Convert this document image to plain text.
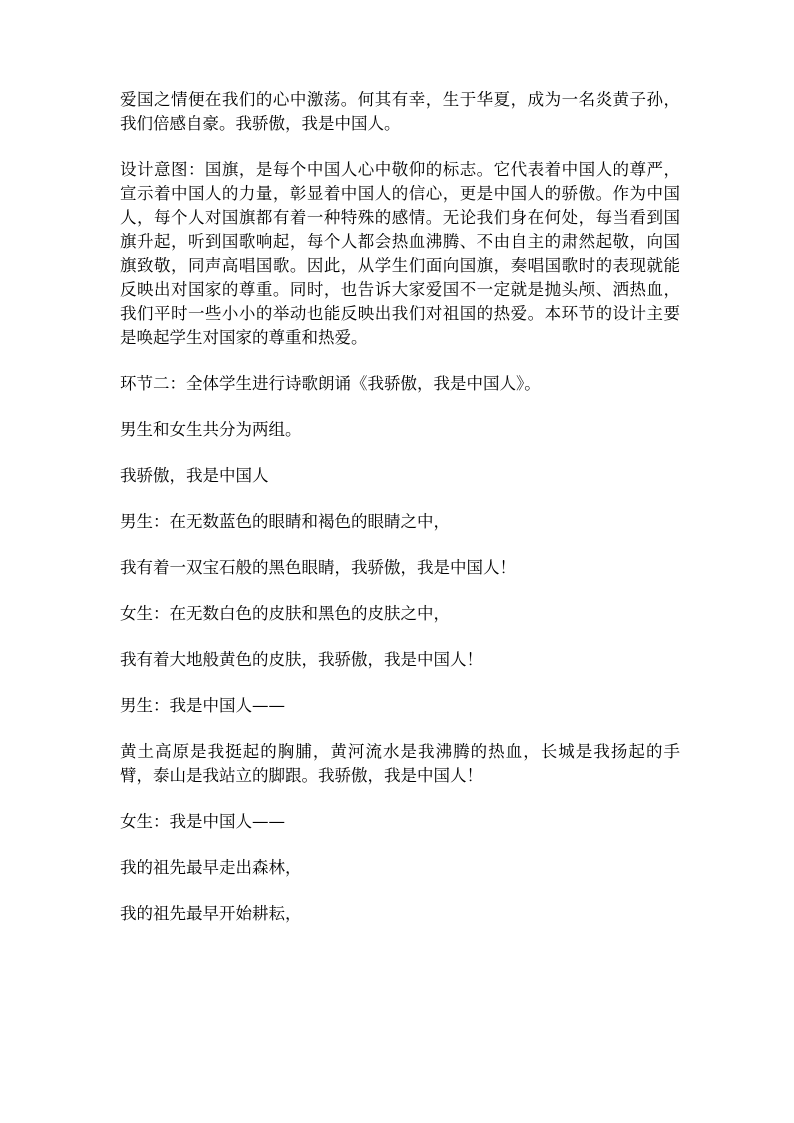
爱国之情便在我们的心中激荡。何其有幸，生于华夏，成为一名炎黄子孙，我们倍感自豪。我骄傲，我是中国人。

设计意图：国旗，是每个中国人心中敬仰的标志。它代表着中国人的尊严，宣示着中国人的力量，彰显着中国人的信心，更是中国人的骄傲。作为中国人，每个人对国旗都有着一种特殊的感情。无论我们身在何处，每当看到国旗升起，听到国歌响起，每个人都会热血沸腾、不由自主的肃然起敬，向国旗致敬，同声高唱国歌。因此，从学生们面向国旗，奏唱国歌时的表现就能反映出对国家的尊重。同时，也告诉大家爱国不一定就是抛头颅、洒热血，我们平时一些小小的举动也能反映出我们对祖国的热爱。本环节的设计主要是唤起学生对国家的尊重和热爱。

环节二：全体学生进行诗歌朗诵《我骄傲，我是中国人》。

男生和女生共分为两组。

我骄傲，我是中国人

男生：在无数蓝色的眼睛和褐色的眼睛之中，

我有着一双宝石般的黑色眼睛，我骄傲，我是中国人！

女生：在无数白色的皮肤和黑色的皮肤之中，

我有着大地般黄色的皮肤，我骄傲，我是中国人！

男生：我是中国人——

黄土高原是我挺起的胸脯，黄河流水是我沸腾的热血，长城是我扬起的手臂，泰山是我站立的脚跟。我骄傲，我是中国人！

女生：我是中国人——

我的祖先最早走出森林，

我的祖先最早开始耕耘，
